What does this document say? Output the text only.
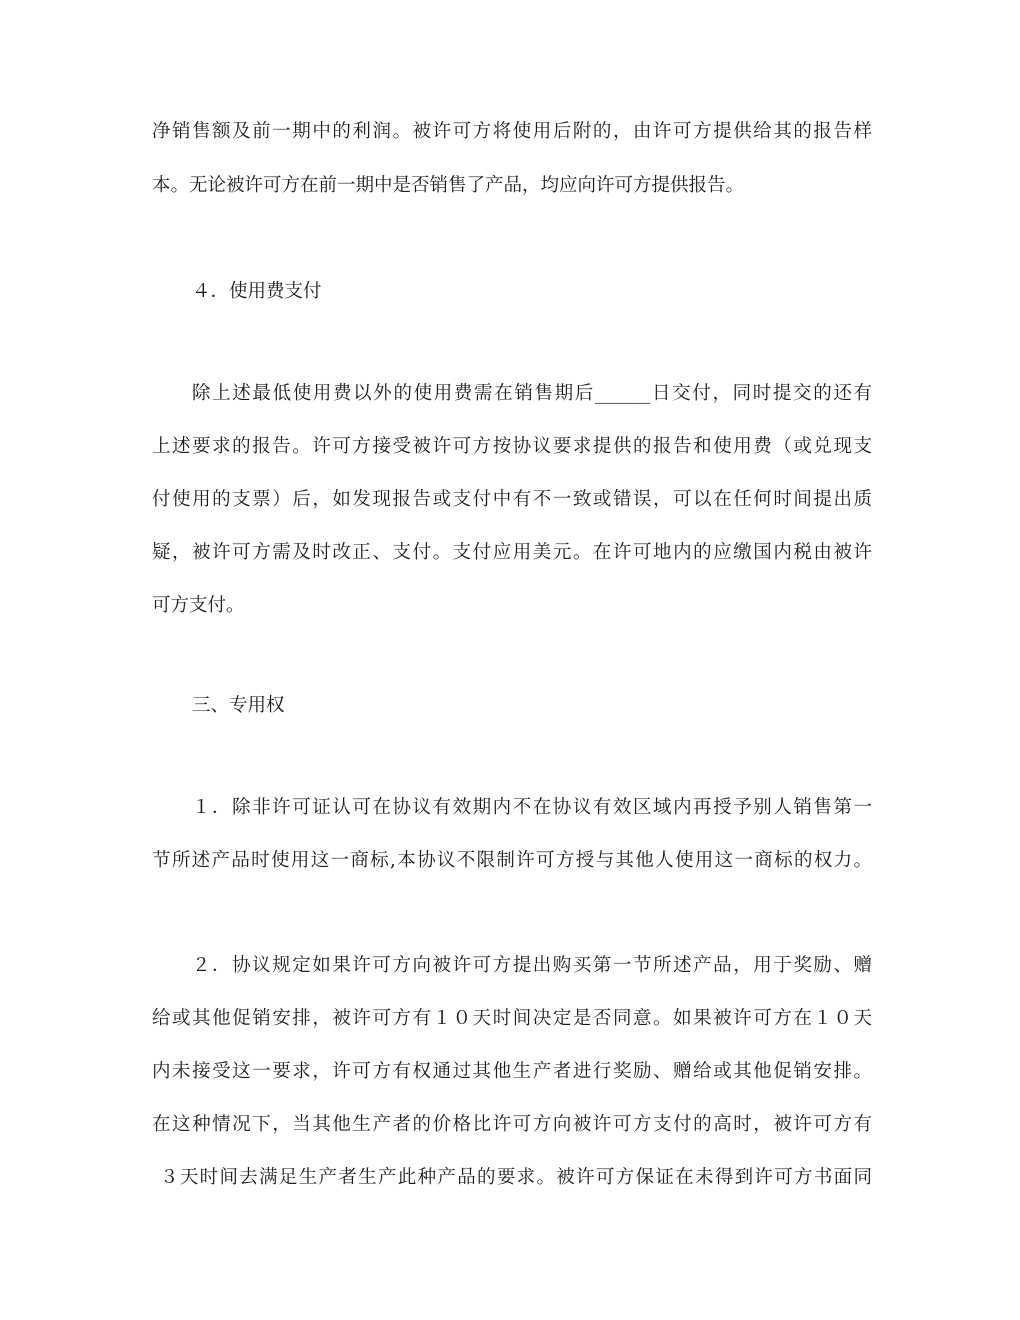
净销售额及前一期中的利润。被许可方将使用后附的，由许可方提供给其的报告样
本。无论被许可方在前一期中是否销售了产品，均应向许可方提供报告。
４．使用费支付
除上述最低使用费以外的使用费需在销售期后______日交付，同时提交的还有
上述要求的报告。许可方接受被许可方按协议要求提供的报告和使用费（或兑现支
付使用的支票）后，如发现报告或支付中有不一致或错误，可以在任何时间提出质
疑，被许可方需及时改正、支付。支付应用美元。在许可地内的应缴国内税由被许
可方支付。
三、专用权
１．除非许可证认可在协议有效期内不在协议有效区域内再授予别人销售第一
节所述产品时使用这一商标,本协议不限制许可方授与其他人使用这一商标的权力。
２．协议规定如果许可方向被许可方提出购买第一节所述产品，用于奖励、赠
给或其他促销安排，被许可方有１０天时间决定是否同意。如果被许可方在１０天
内未接受这一要求，许可方有权通过其他生产者进行奖励、赠给或其他促销安排。
在这种情况下，当其他生产者的价格比许可方向被许可方支付的高时，被许可方有
３天时间去满足生产者生产此种产品的要求。被许可方保证在未得到许可方书面同
